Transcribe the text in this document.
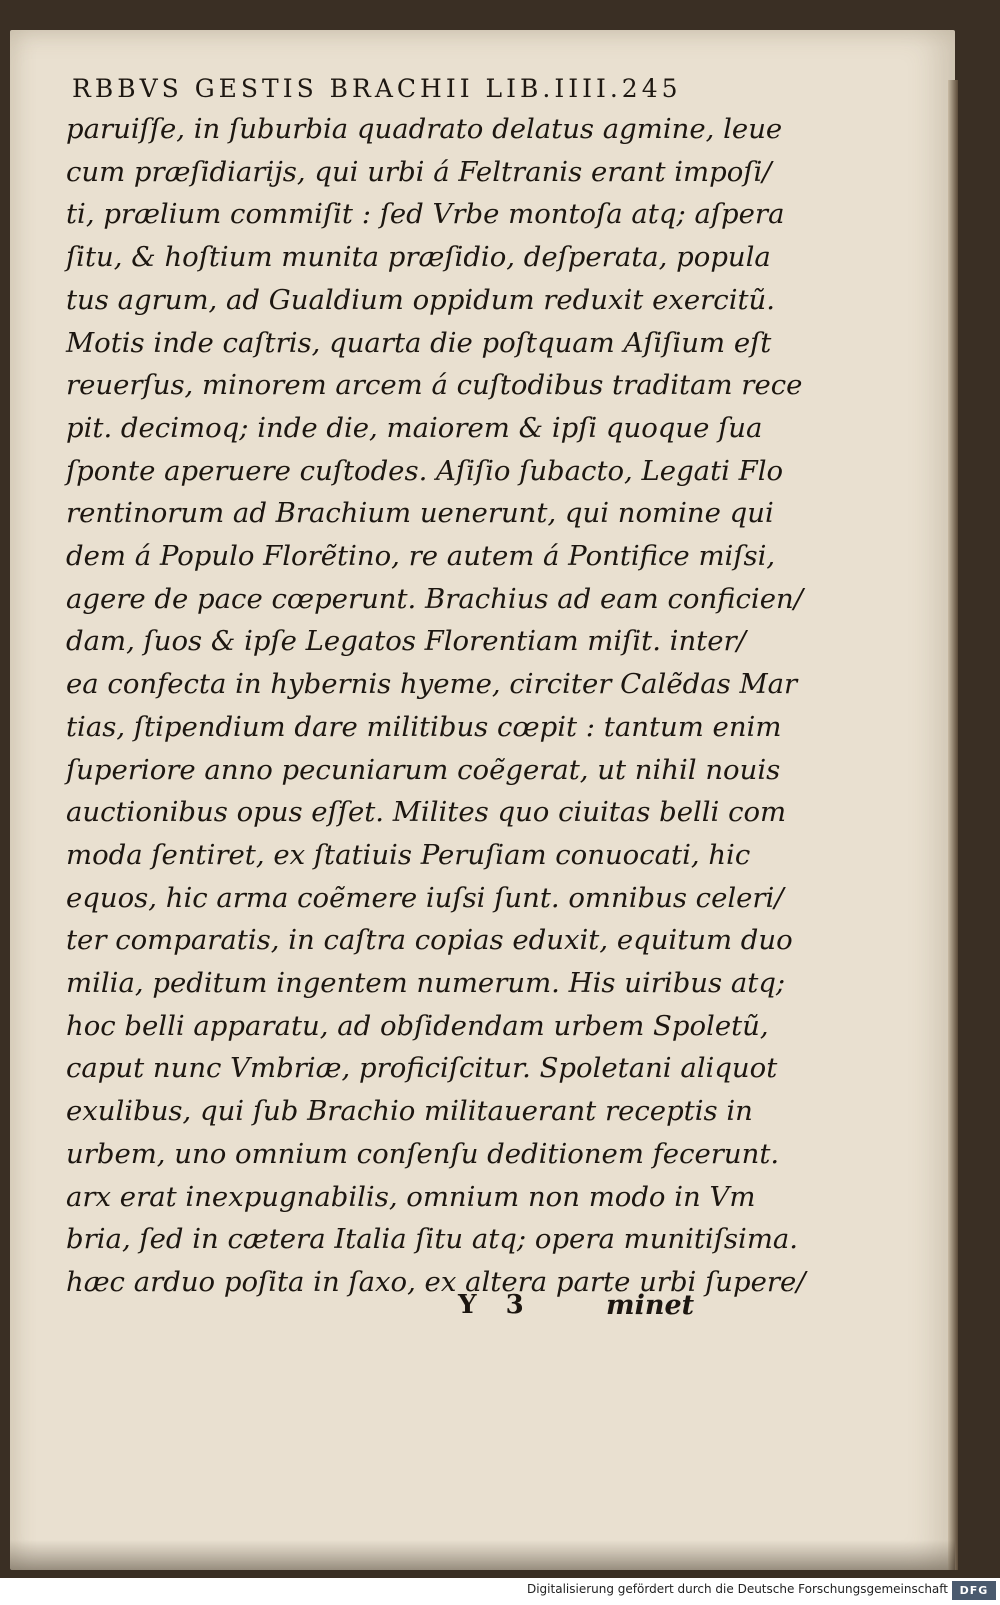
RBBVS GESTIS BRACHII LIB.IIII.245
paruiſſe, in ſuburbia quadrato delatus agmine, leue
cum præſidiarijs, qui urbi á Feltranis erant impoſi/
ti, prælium commiſit : ſed Vrbe montoſa atq; aſpera
ſitu, & hoſtium munita præſidio, deſperata, popula
tus agrum, ad Gualdium oppidum reduxit exercitũ.
Motis inde caſtris, quarta die poſtquam Aſiſium eſt
reuerſus, minorem arcem á cuſtodibus traditam rece
pit. decimoq; inde die, maiorem & ipſi quoque ſua
ſponte aperuere cuſtodes. Aſiſio ſubacto, Legati Flo
rentinorum ad Brachium uenerunt, qui nomine qui
dem á Populo Florẽtino, re autem á Pontifice miſsi,
agere de pace cœperunt. Brachius ad eam conficien/
dam, ſuos & ipſe Legatos Florentiam miſit. inter/
ea confecta in hybernis hyeme, circiter Calẽdas Mar
tias, ſtipendium dare militibus cœpit : tantum enim
ſuperiore anno pecuniarum coẽgerat, ut nihil nouis
auctionibus opus eſſet. Milites quo ciuitas belli com
moda ſentiret, ex ſtatiuis Peruſiam conuocati, hic
equos, hic arma coẽmere iuſsi ſunt. omnibus celeri/
ter comparatis, in caſtra copias eduxit, equitum duo
milia, peditum ingentem numerum. His uiribus atq;
hoc belli apparatu, ad obſidendam urbem Spoletũ,
caput nunc Vmbriæ, proficiſcitur. Spoletani aliquot
exulibus, qui ſub Brachio militauerant receptis in
urbem, uno omnium conſenſu deditionem fecerunt.
arx erat inexpugnabilis, omnium non modo in Vm
bria, ſed in cætera Italia ſitu atq; opera munitiſsima.
hæc arduo poſita in ſaxo, ex altera parte urbi ſupere/
Y 3	minet
Digitalisierung gefördert durch die Deutsche Forschungsgemeinschaft	DFG
